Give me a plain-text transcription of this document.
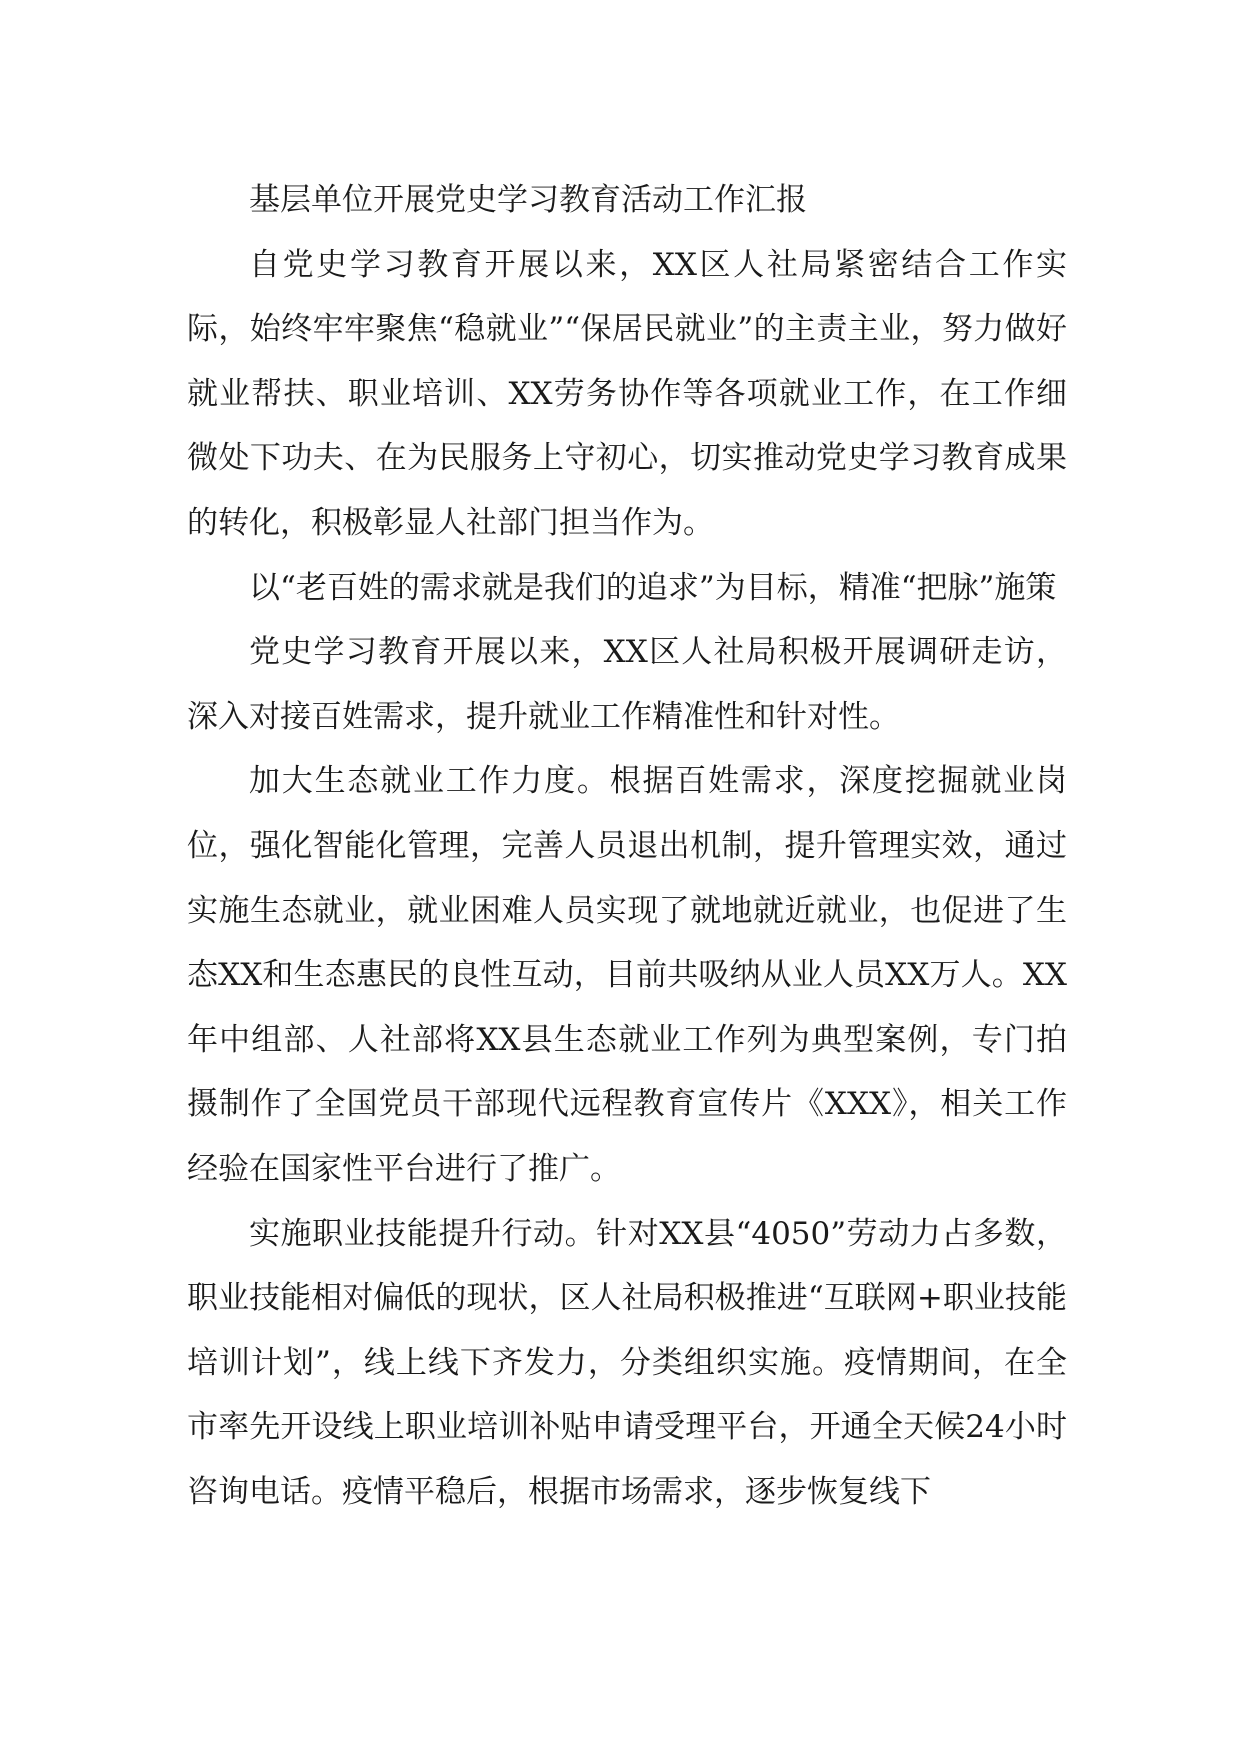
基层单位开展党史学习教育活动工作汇报

自党史学习教育开展以来，XX区人社局紧密结合工作实际，始终牢牢聚焦“稳就业”“保居民就业”的主责主业，努力做好就业帮扶、职业培训、XX劳务协作等各项就业工作，在工作细微处下功夫、在为民服务上守初心，切实推动党史学习教育成果的转化，积极彰显人社部门担当作为。

以“老百姓的需求就是我们的追求”为目标，精准“把脉”施策

党史学习教育开展以来，XX区人社局积极开展调研走访，深入对接百姓需求，提升就业工作精准性和针对性。

加大生态就业工作力度。根据百姓需求，深度挖掘就业岗位，强化智能化管理，完善人员退出机制，提升管理实效，通过实施生态就业，就业困难人员实现了就地就近就业，也促进了生态XX和生态惠民的良性互动，目前共吸纳从业人员XX万人。XX年中组部、人社部将XX县生态就业工作列为典型案例，专门拍摄制作了全国党员干部现代远程教育宣传片《XXX》，相关工作经验在国家性平台进行了推广。

实施职业技能提升行动。针对XX县“4050”劳动力占多数，职业技能相对偏低的现状，区人社局积极推进“互联网+职业技能培训计划”，线上线下齐发力，分类组织实施。疫情期间，在全市率先开设线上职业培训补贴申请受理平台，开通全天候24小时咨询电话。疫情平稳后，根据市场需求，逐步恢复线下
